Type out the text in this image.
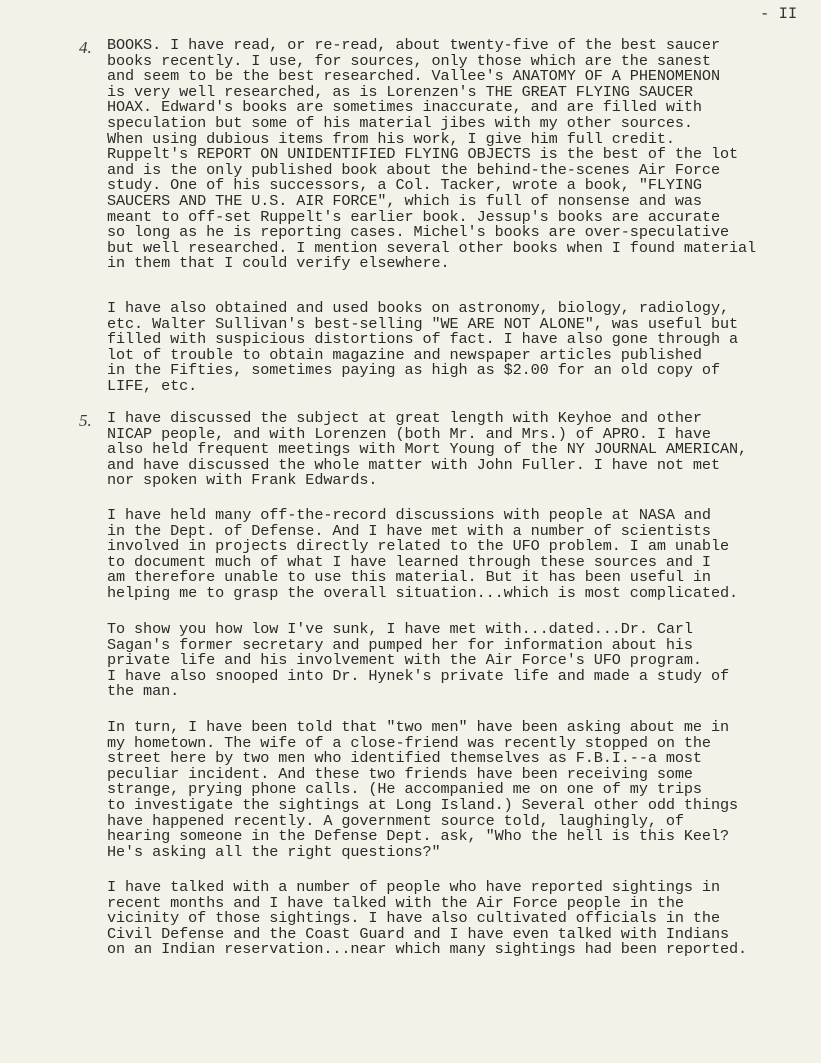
- II
4. BOOKS. I have read, or re-read, about twenty-five of the best saucer
books recently. I use, for sources, only those which are the sanest
and seem to be the best researched. Vallee's ANATOMY OF A PHENOMENON
is very well researched, as is Lorenzen's THE GREAT FLYING SAUCER
HOAX. Edward's books are sometimes inaccurate, and are filled with
speculation but some of his material jibes with my other sources.
When using dubious items from his work, I give him full credit.
Ruppelt's REPORT ON UNIDENTIFIED FLYING OBJECTS is the best of the lot
and is the only published book about the behind-the-scenes Air Force
study. One of his successors, a Col. Tacker, wrote a book, "FLYING
SAUCERS AND THE U.S. AIR FORCE", which is full of nonsense and was
meant to off-set Ruppelt's earlier book. Jessup's books are accurate
so long as he is reporting cases. Michel's books are over-speculative
but well researched. I mention several other books when I found material
in them that I could verify elsewhere.
I have also obtained and used books on astronomy, biology, radiology,
etc. Walter Sullivan's best-selling "WE ARE NOT ALONE", was useful but
filled with suspicious distortions of fact. I have also gone through a
lot of trouble to obtain magazine and newspaper articles published
in the Fifties, sometimes paying as high as $2.00 for an old copy of
LIFE, etc.
5. I have discussed the subject at great length with Keyhoe and other
NICAP people, and with Lorenzen (both Mr. and Mrs.) of APRO. I have
also held frequent meetings with Mort Young of the NY JOURNAL AMERICAN,
and have discussed the whole matter with John Fuller. I have not met
nor spoken with Frank Edwards.
I have held many off-the-record discussions with people at NASA and
in the Dept. of Defense. And I have met with a number of scientists
involved in projects directly related to the UFO problem. I am unable
to document much of what I have learned through these sources and I
am therefore unable to use this material. But it has been useful in
helping me to grasp the overall situation...which is most complicated.
To show you how low I've sunk, I have met with...dated...Dr. Carl
Sagan's former secretary and pumped her for information about his
private life and his involvement with the Air Force's UFO program.
I have also snooped into Dr. Hynek's private life and made a study of
the man.
In turn, I have been told that "two men" have been asking about me in
my hometown. The wife of a close-friend was recently stopped on the
street here by two men who identified themselves as F.B.I.--a most
peculiar incident. And these two friends have been receiving some
strange, prying phone calls. (He accompanied me on one of my trips
to investigate the sightings at Long Island.) Several other odd things
have happened recently. A government source told, laughingly, of
hearing someone in the Defense Dept. ask, "Who the hell is this Keel?
He's asking all the right questions?"
I have talked with a number of people who have reported sightings in
recent months and I have talked with the Air Force people in the
vicinity of those sightings. I have also cultivated officials in the
Civil Defense and the Coast Guard and I have even talked with Indians
on an Indian reservation...near which many sightings had been reported.
